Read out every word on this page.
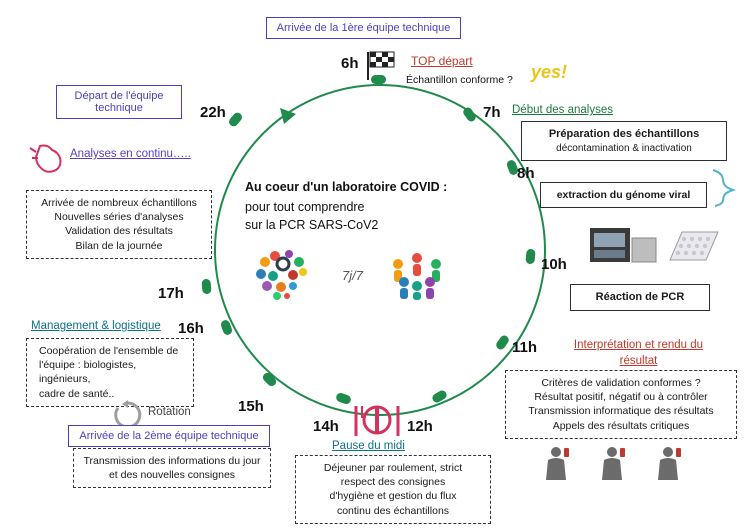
Arrivée de la 1ère équipe technique
6h	TOP départ
Échantillon conforme ? yes!
7h Début des analyses
Préparation des échantillons
décontamination & inactivation
8h
extraction du génome viral
10h
Réaction de PCR
11h	Interprétation et rendu du
résultat
Critères de validation conformes ?
Résultat positif, négatif ou à contrôler
Transmission informatique des résultats
Appels des résultats critiques
Départ de l'équipe
technique	22h
Analyses en continu…..
Arrivée de nombreux échantillons
Nouvelles séries d'analyses
Validation des résultats
Bilan de la journée
17h
16h
Management & logistique
Coopération de l'ensemble de
l'équipe : biologistes, ingénieurs,
cadre de santé..
Rotation
Arrivée de la 2ème équipe technique
Transmission des informations du jour
et des nouvelles consignes
15h
14h	12h
Pause du midi
Déjeuner par roulement, strict
respect des consignes
d'hygiène et gestion du flux
continu des échantillons
Au coeur d'un laboratoire COVID :
pour tout comprendre
sur la PCR SARS-CoV2
7j/7
